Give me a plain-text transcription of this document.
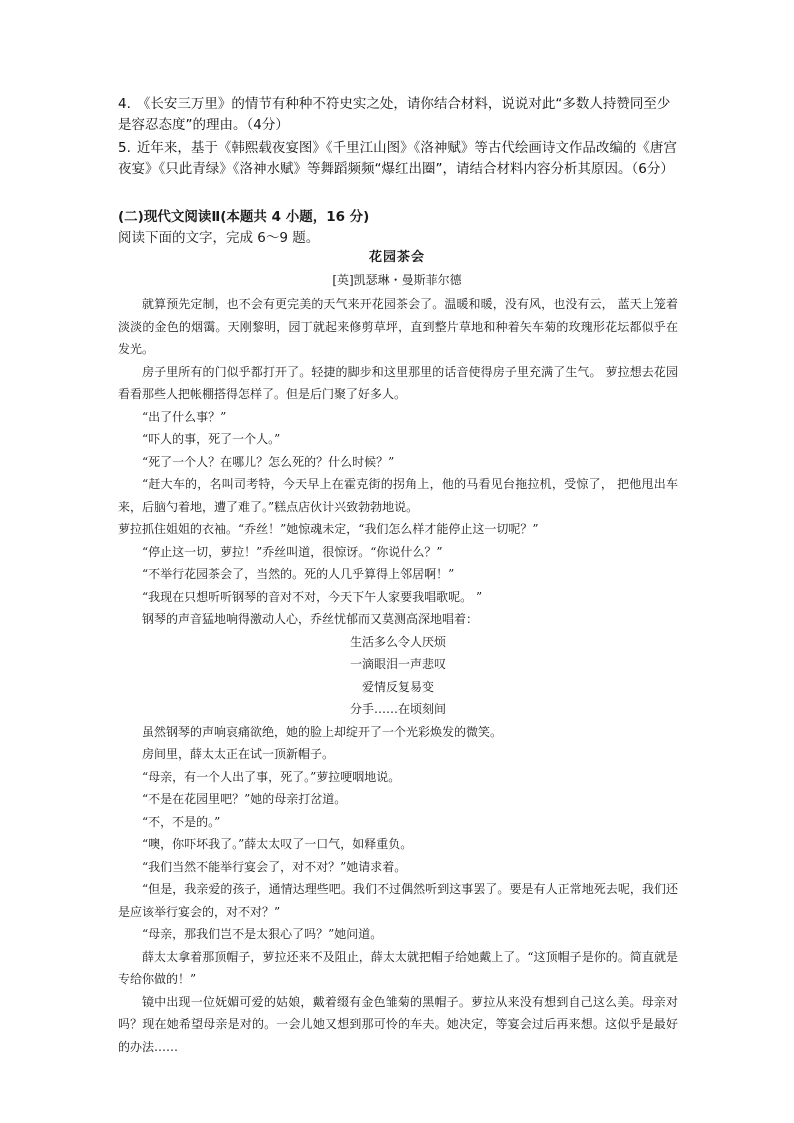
4. 《长安三万里》的情节有种种不符史实之处，请你结合材料，说说对此“多数人持赞同至少是容忍态度”的理由。（4分）
5. 近年来，基于《韩熙载夜宴图》《千里江山图》《洛神赋》等古代绘画诗文作品改编的《唐宫夜宴》《只此青绿》《洛神水赋》等舞蹈频频“爆红出圈”，请结合材料内容分析其原因。（6分）
(二)现代文阅读Ⅱ(本题共 4 小题，16 分)
阅读下面的文字，完成 6～9 题。
花园茶会
[英]凯瑟琳・曼斯菲尔德

就算预先定制，也不会有更完美的天气来开花园茶会了。温暖和暖，没有风，也没有云， 蓝天上笼着淡淡的金色的烟霭。天刚黎明，园丁就起来修剪草坪，直到整片草地和种着矢车菊的玫瑰形花坛都似乎在发光。

房子里所有的门似乎都打开了。轻捷的脚步和这里那里的话音使得房子里充满了生气。 萝拉想去花园看看那些人把帐棚搭得怎样了。但是后门聚了好多人。

“出了什么事？”

“吓人的事，死了一个人。”

“死了一个人？在哪儿？怎么死的？什么时候？”

“赶大车的，名叫司考特，今天早上在霍克街的拐角上，他的马看见台拖拉机，受惊了， 把他甩出车来，后脑勺着地，遭了难了。”糕点店伙计兴致勃勃地说。

萝拉抓住姐姐的衣袖。“乔丝！”她惊魂未定，“我们怎么样才能停止这一切呢？”

“停止这一切，萝拉！”乔丝叫道，很惊讶。“你说什么？”

“不举行花园茶会了，当然的。死的人几乎算得上邻居啊！”

“我现在只想听听钢琴的音对不对，今天下午人家要我唱歌呢。 ”

钢琴的声音猛地响得激动人心，乔丝忧郁而又莫测高深地唱着：

生活多么令人厌烦

一滴眼泪一声悲叹

爱情反复易变

分手……在顷刻间

虽然钢琴的声响哀痛欲绝，她的脸上却绽开了一个光彩焕发的微笑。

房间里，薛太太正在试一顶新帽子。

“母亲，有一个人出了事，死了。”萝拉哽咽地说。

“不是在花园里吧？”她的母亲打岔道。

“不，不是的。”

“噢，你吓坏我了。”薛太太叹了一口气，如释重负。

“我们当然不能举行宴会了，对不对？”她请求着。

“但是，我亲爱的孩子，通情达理些吧。我们不过偶然听到这事罢了。要是有人正常地死去呢，我们还是应该举行宴会的，对不对？”

“母亲，那我们岂不是太狠心了吗？”她问道。

薛太太拿着那顶帽子，萝拉还来不及阻止，薛太太就把帽子给她戴上了。“这顶帽子是你的。简直就是专给你做的！”

镜中出现一位妩媚可爱的姑娘，戴着缀有金色雏菊的黑帽子。萝拉从来没有想到自己这么美。母亲对吗？现在她希望母亲是对的。一会儿她又想到那可怜的车夫。她决定，等宴会过后再来想。这似乎是最好的办法……
